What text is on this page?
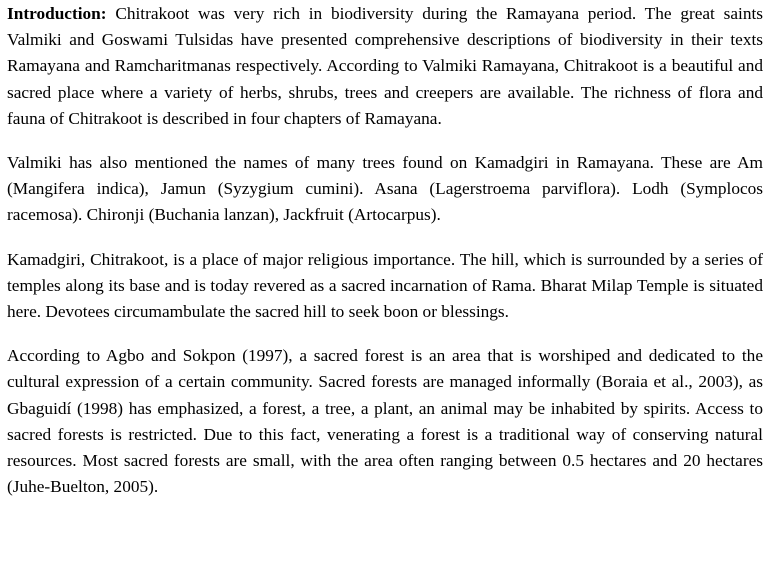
Introduction: Chitrakoot was very rich in biodiversity during the Ramayana period. The great saints Valmiki and Goswami Tulsidas have presented comprehensive descriptions of biodiversity in their texts Ramayana and Ramcharitmanas respectively. According to Valmiki Ramayana, Chitrakoot is a beautiful and sacred place where a variety of herbs, shrubs, trees and creepers are available. The richness of flora and fauna of Chitrakoot is described in four chapters of Ramayana.

Valmiki has also mentioned the names of many trees found on Kamadgiri in Ramayana. These are Am (Mangifera indica), Jamun (Syzygium cumini). Asana (Lagerstroema parviflora). Lodh (Symplocos racemosa). Chironji (Buchania lanzan), Jackfruit (Artocarpus).

Kamadgiri, Chitrakoot, is a place of major religious importance. The hill, which is surrounded by a series of temples along its base and is today revered as a sacred incarnation of Rama. Bharat Milap Temple is situated here. Devotees circumambulate the sacred hill to seek boon or blessings.

According to Agbo and Sokpon (1997), a sacred forest is an area that is worshiped and dedicated to the cultural expression of a certain community. Sacred forests are managed informally (Boraia et al., 2003), as Gbaguidí (1998) has emphasized, a forest, a tree, a plant, an animal may be inhabited by spirits. Access to sacred forests is restricted. Due to this fact, venerating a forest is a traditional way of conserving natural resources. Most sacred forests are small, with the area often ranging between 0.5 hectares and 20 hectares (Juhe-Buelton, 2005).
